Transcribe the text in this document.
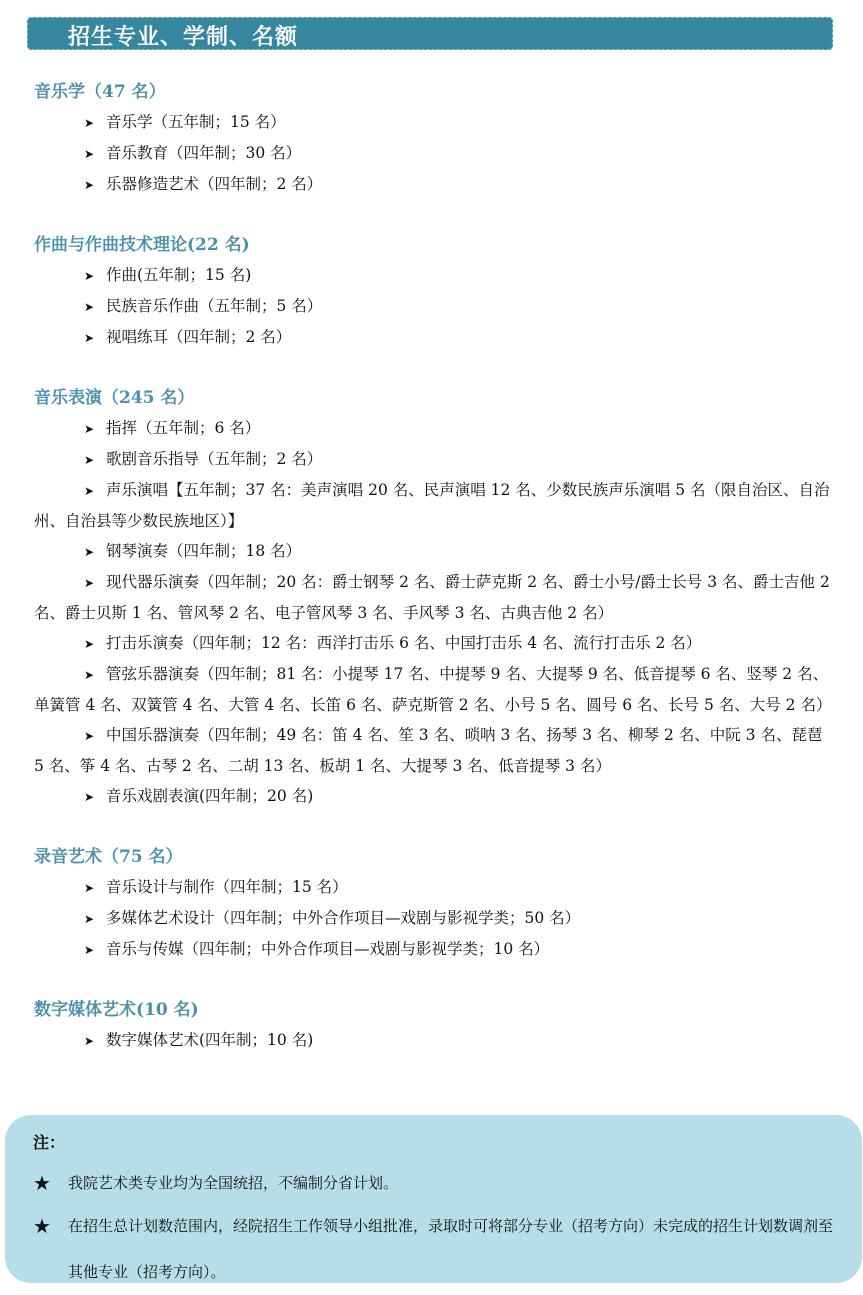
招生专业、学制、名额
音乐学（47 名）
➤ 音乐学（五年制；15 名）
➤ 音乐教育（四年制；30 名）
➤ 乐器修造艺术（四年制；2 名）
作曲与作曲技术理论(22 名)
➤ 作曲(五年制；15 名)
➤ 民族音乐作曲（五年制；5 名）
➤ 视唱练耳（四年制；2 名）
音乐表演（245 名）
➤ 指挥（五年制；6 名）
➤ 歌剧音乐指导（五年制；2 名）
➤ 声乐演唱【五年制；37 名：美声演唱 20 名、民声演唱 12 名、少数民族声乐演唱 5 名（限自治区、自治州、自治县等少数民族地区）】
➤ 钢琴演奏（四年制；18 名）
➤ 现代器乐演奏（四年制；20 名：爵士钢琴 2 名、爵士萨克斯 2 名、爵士小号/爵士长号 3 名、爵士吉他 2 名、爵士贝斯 1 名、管风琴 2 名、电子管风琴 3 名、手风琴 3 名、古典吉他 2 名）
➤ 打击乐演奏（四年制；12 名：西洋打击乐 6 名、中国打击乐 4 名、流行打击乐 2 名）
➤ 管弦乐器演奏（四年制；81 名：小提琴 17 名、中提琴 9 名、大提琴 9 名、低音提琴 6 名、竖琴 2 名、单簧管 4 名、双簧管 4 名、大管 4 名、长笛 6 名、萨克斯管 2 名、小号 5 名、圆号 6 名、长号 5 名、大号 2 名）
➤ 中国乐器演奏（四年制；49 名：笛 4 名、笙 3 名、唢呐 3 名、扬琴 3 名、柳琴 2 名、中阮 3 名、琵琶 5 名、筝 4 名、古琴 2 名、二胡 13 名、板胡 1 名、大提琴 3 名、低音提琴 3 名）
➤ 音乐戏剧表演(四年制；20 名)
录音艺术（75 名）
➤ 音乐设计与制作（四年制；15 名）
➤ 多媒体艺术设计（四年制；中外合作项目—戏剧与影视学类；50 名）
➤ 音乐与传媒（四年制；中外合作项目—戏剧与影视学类；10 名）
数字媒体艺术(10 名)
➤ 数字媒体艺术(四年制；10 名)
注：
★ 我院艺术类专业均为全国统招，不编制分省计划。
★ 在招生总计划数范围内，经院招生工作领导小组批准，录取时可将部分专业（招考方向）未完成的招生计划数调剂至其他专业（招考方向）。
